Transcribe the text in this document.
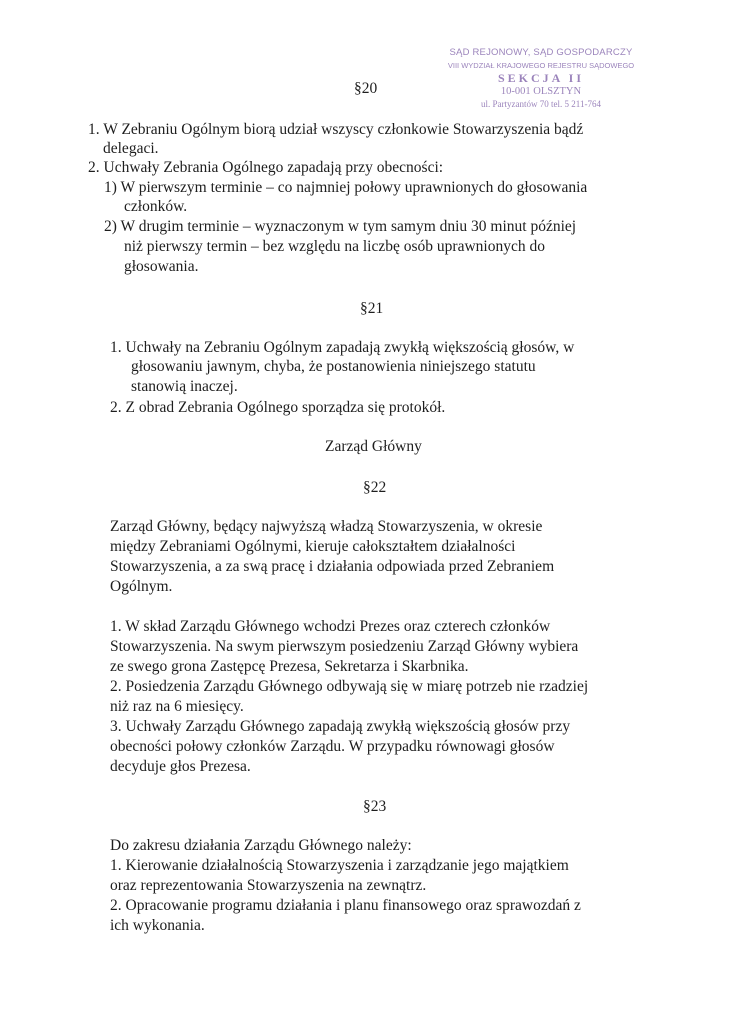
SĄD REJONOWY, SĄD GOSPODARCZY
VIII WYDZIAŁ KRAJOWEGO REJESTRU SĄDOWEGO
SEKCJA II
10-001 OLSZTYN
ul. Partyzantów 70 tel. 5 211-764
§20
1. W Zebraniu Ogólnym biorą udział wszyscy członkowie Stowarzyszenia bądź
delegaci.
2. Uchwały Zebrania Ogólnego zapadają przy obecności:
1) W pierwszym terminie – co najmniej połowy uprawnionych do głosowania
członków.
2) W drugim terminie – wyznaczonym w tym samym dniu 30 minut później
niż pierwszy termin – bez względu na liczbę osób uprawnionych do
głosowania.
§21
1. Uchwały na Zebraniu Ogólnym zapadają zwykłą większością głosów, w
głosowaniu jawnym, chyba, że postanowienia niniejszego statutu
stanowią inaczej.
2. Z obrad Zebrania Ogólnego sporządza się protokół.
Zarząd Główny
§22
Zarząd Główny, będący najwyższą władzą Stowarzyszenia, w okresie
między Zebraniami Ogólnymi, kieruje całokształtem działalności
Stowarzyszenia, a za swą pracę i działania odpowiada przed Zebraniem
Ogólnym.
1. W skład Zarządu Głównego wchodzi Prezes oraz czterech członków
Stowarzyszenia. Na swym pierwszym posiedzeniu Zarząd Główny wybiera
ze swego grona Zastępcę Prezesa, Sekretarza i Skarbnika.
2. Posiedzenia Zarządu Głównego odbywają się w miarę potrzeb nie rzadziej
niż raz na 6 miesięcy.
3. Uchwały Zarządu Głównego zapadają zwykłą większością głosów przy
obecności połowy członków Zarządu. W przypadku równowagi głosów
decyduje głos Prezesa.
§23
Do zakresu działania Zarządu Głównego należy:
1. Kierowanie działalnością Stowarzyszenia i zarządzanie jego majątkiem
oraz reprezentowania Stowarzyszenia na zewnątrz.
2. Opracowanie programu działania i planu finansowego oraz sprawozdań z
ich wykonania.
